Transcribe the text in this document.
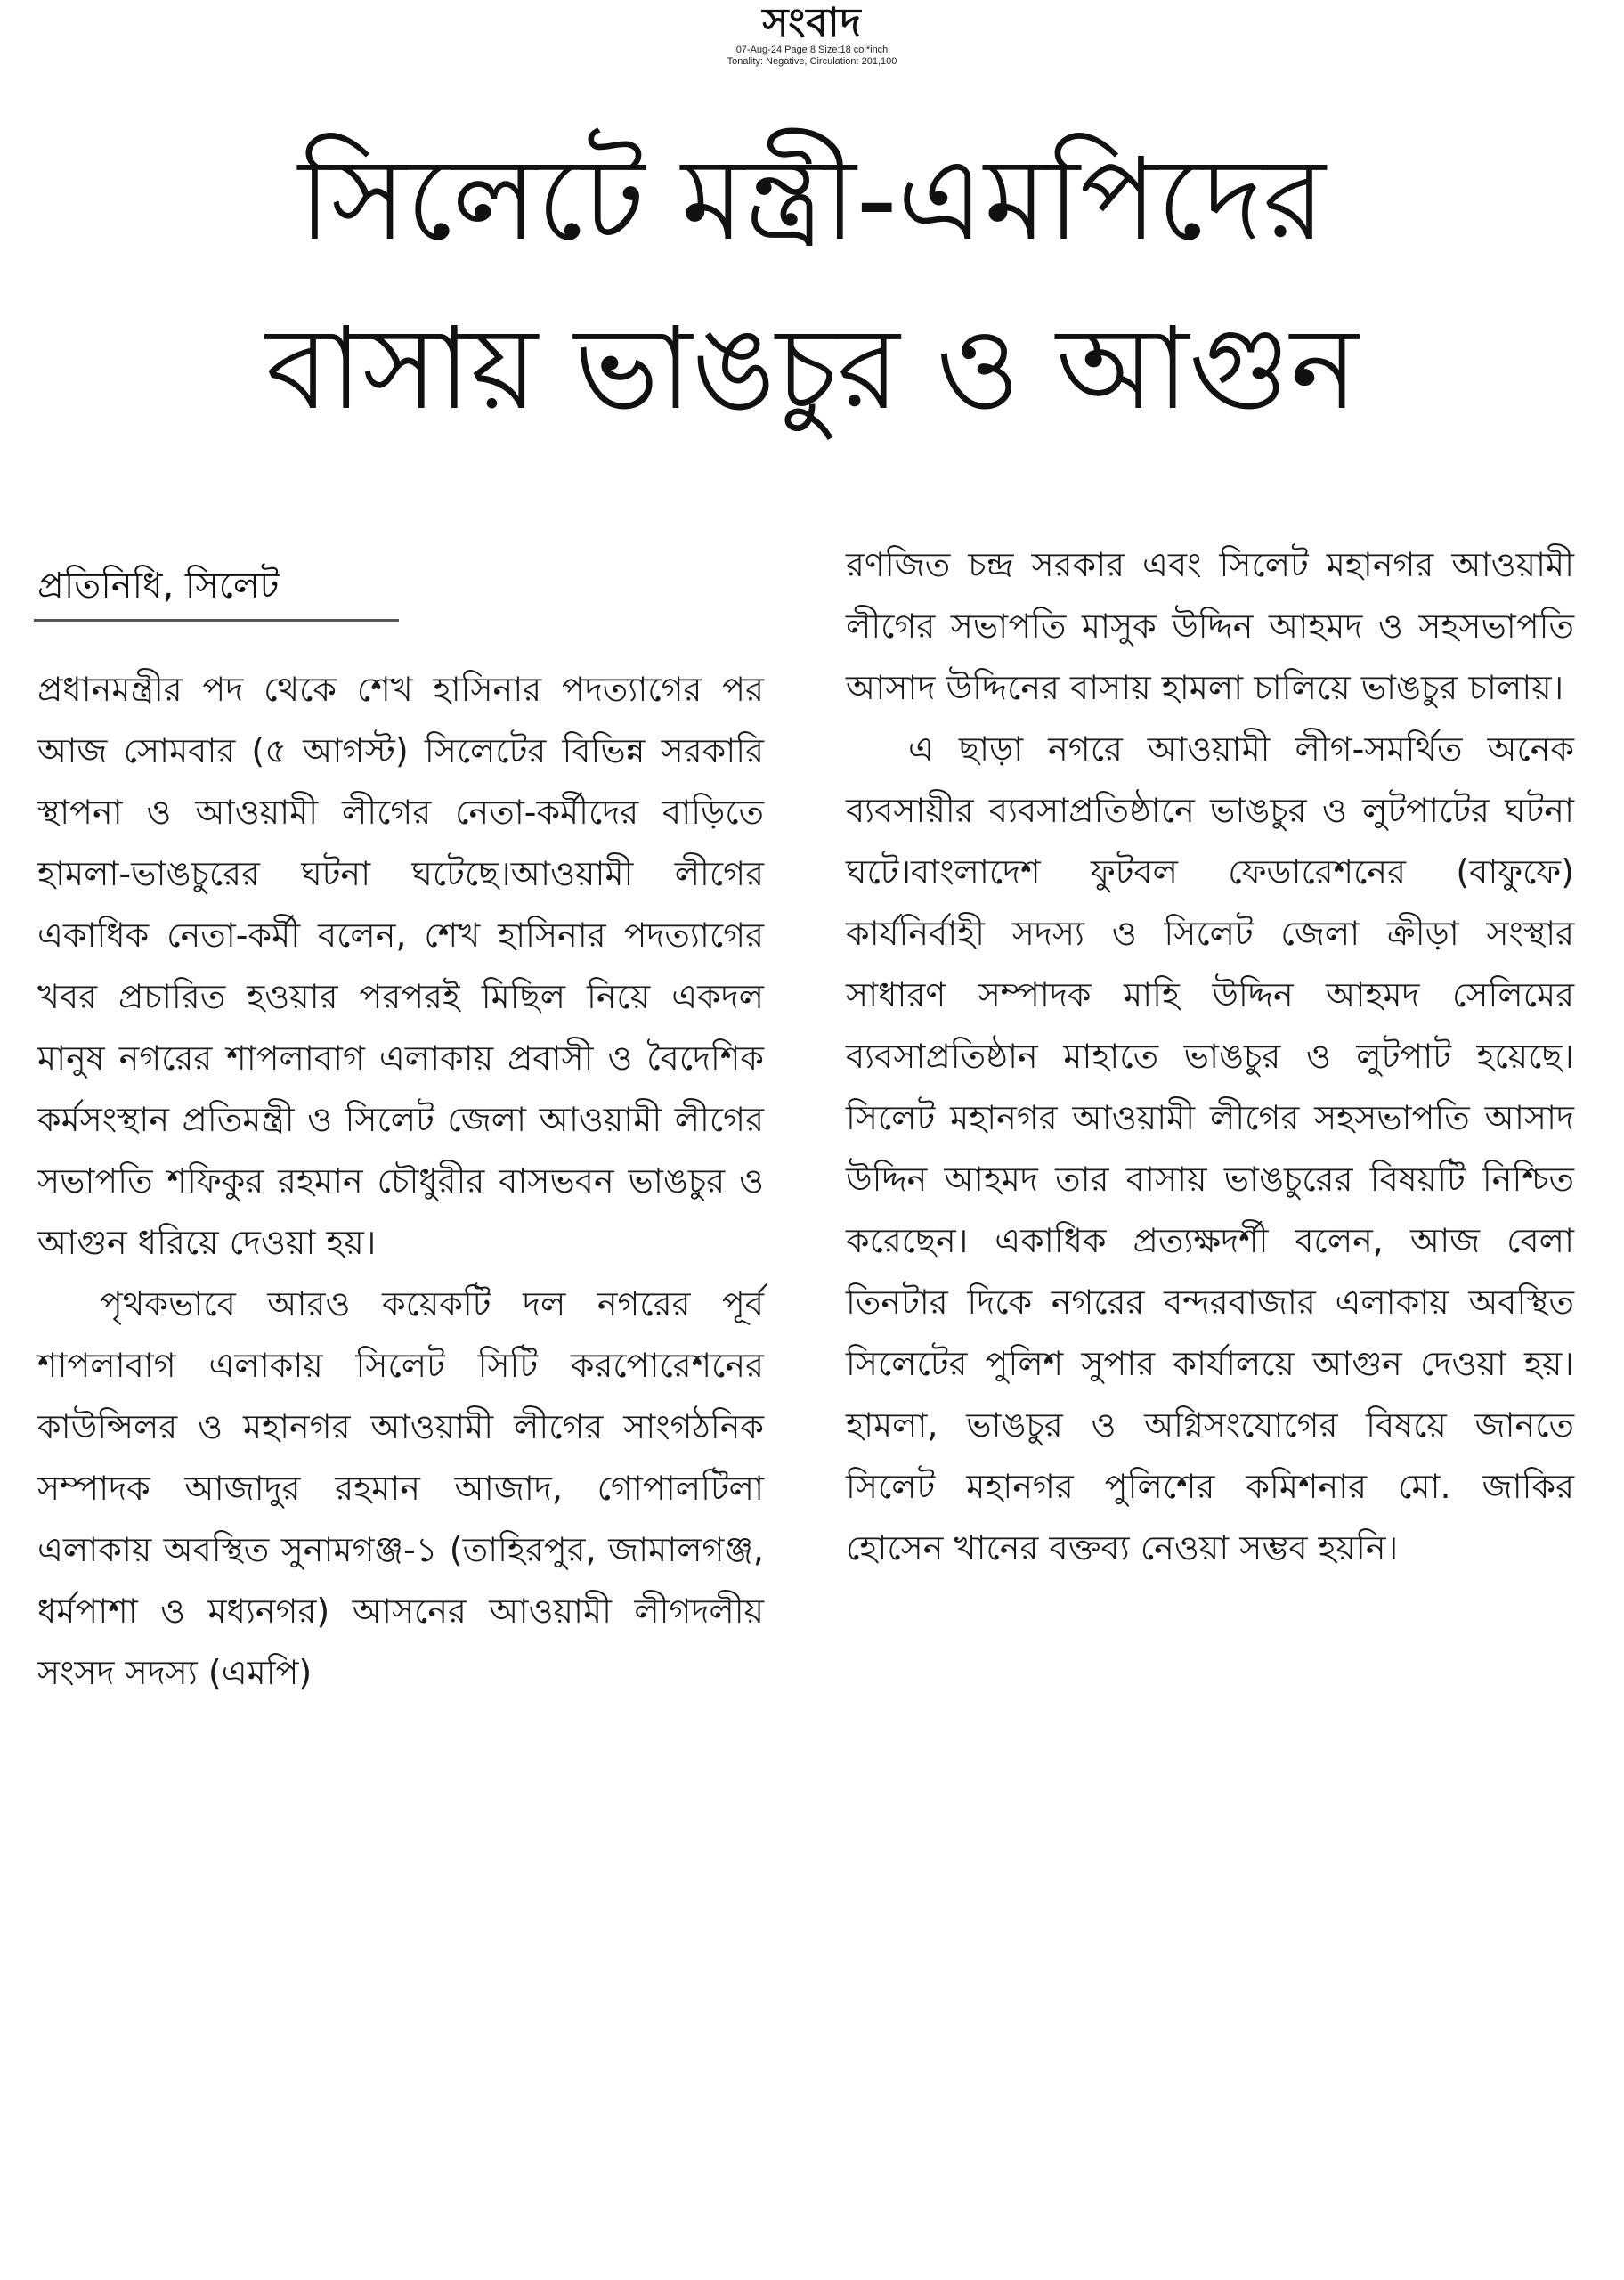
সংবাদ
07-Aug-24 Page 8 Size:18 col*inch
Tonality: Negative, Circulation: 201,100
সিলেটে মন্ত্রী-এমপিদের
বাসায় ভাঙচুর ও আগুন
প্রতিনিধি, সিলেট

প্রধানমন্ত্রীর পদ থেকে শেখ হাসিনার পদত্যাগের পর আজ সোমবার (৫ আগস্ট) সিলেটের বিভিন্ন সরকারি স্থাপনা ও আওয়ামী লীগের নেতা-কর্মীদের বাড়িতে হামলা-ভাঙচুরের ঘটনা ঘটেছে।আওয়ামী লীগের একাধিক নেতা-কর্মী বলেন, শেখ হাসিনার পদত্যাগের খবর প্রচারিত হওয়ার পরপরই মিছিল নিয়ে একদল মানুষ নগরের শাপলাবাগ এলাকায় প্রবাসী ও বৈদেশিক কর্মসংস্থান প্রতিমন্ত্রী ও সিলেট জেলা আওয়ামী লীগের সভাপতি শফিকুর রহমান চৌধুরীর বাসভবন ভাঙচুর ও আগুন ধরিয়ে দেওয়া হয়।

পৃথকভাবে আরও কয়েকটি দল নগরের পূর্ব শাপলাবাগ এলাকায় সিলেট সিটি করপোরেশনের কাউন্সিলর ও মহানগর আওয়ামী লীগের সাংগঠনিক সম্পাদক আজাদুর রহমান আজাদ, গোপালটিলা এলাকায় অবস্থিত সুনামগঞ্জ-১ (তাহিরপুর, জামালগঞ্জ, ধর্মপাশা ও মধ্যনগর) আসনের আওয়ামী লীগদলীয় সংসদ সদস্য (এমপি)

রণজিত চন্দ্র সরকার এবং সিলেট মহানগর আওয়ামী লীগের সভাপতি মাসুক উদ্দিন আহমদ ও সহসভাপতি আসাদ উদ্দিনের বাসায় হামলা চালিয়ে ভাঙচুর চালায়।

এ ছাড়া নগরে আওয়ামী লীগ-সমর্থিত অনেক ব্যবসায়ীর ব্যবসাপ্রতিষ্ঠানে ভাঙচুর ও লুটপাটের ঘটনা ঘটে।বাংলাদেশ ফুটবল ফেডারেশনের (বাফুফে) কার্যনির্বাহী সদস্য ও সিলেট জেলা ক্রীড়া সংস্থার সাধারণ সম্পাদক মাহি উদ্দিন আহমদ সেলিমের ব্যবসাপ্রতিষ্ঠান মাহাতে ভাঙচুর ও লুটপাট হয়েছে। সিলেট মহানগর আওয়ামী লীগের সহসভাপতি আসাদ উদ্দিন আহমদ তার বাসায় ভাঙচুরের বিষয়টি নিশ্চিত করেছেন। একাধিক প্রত্যক্ষদর্শী বলেন, আজ বেলা তিনটার দিকে নগরের বন্দরবাজার এলাকায় অবস্থিত সিলেটের পুলিশ সুপার কার্যালয়ে আগুন দেওয়া হয়।হামলা, ভাঙচুর ও অগ্নিসংযোগের বিষয়ে জানতে সিলেট মহানগর পুলিশের কমিশনার মো. জাকির হোসেন খানের বক্তব্য নেওয়া সম্ভব হয়নি।
